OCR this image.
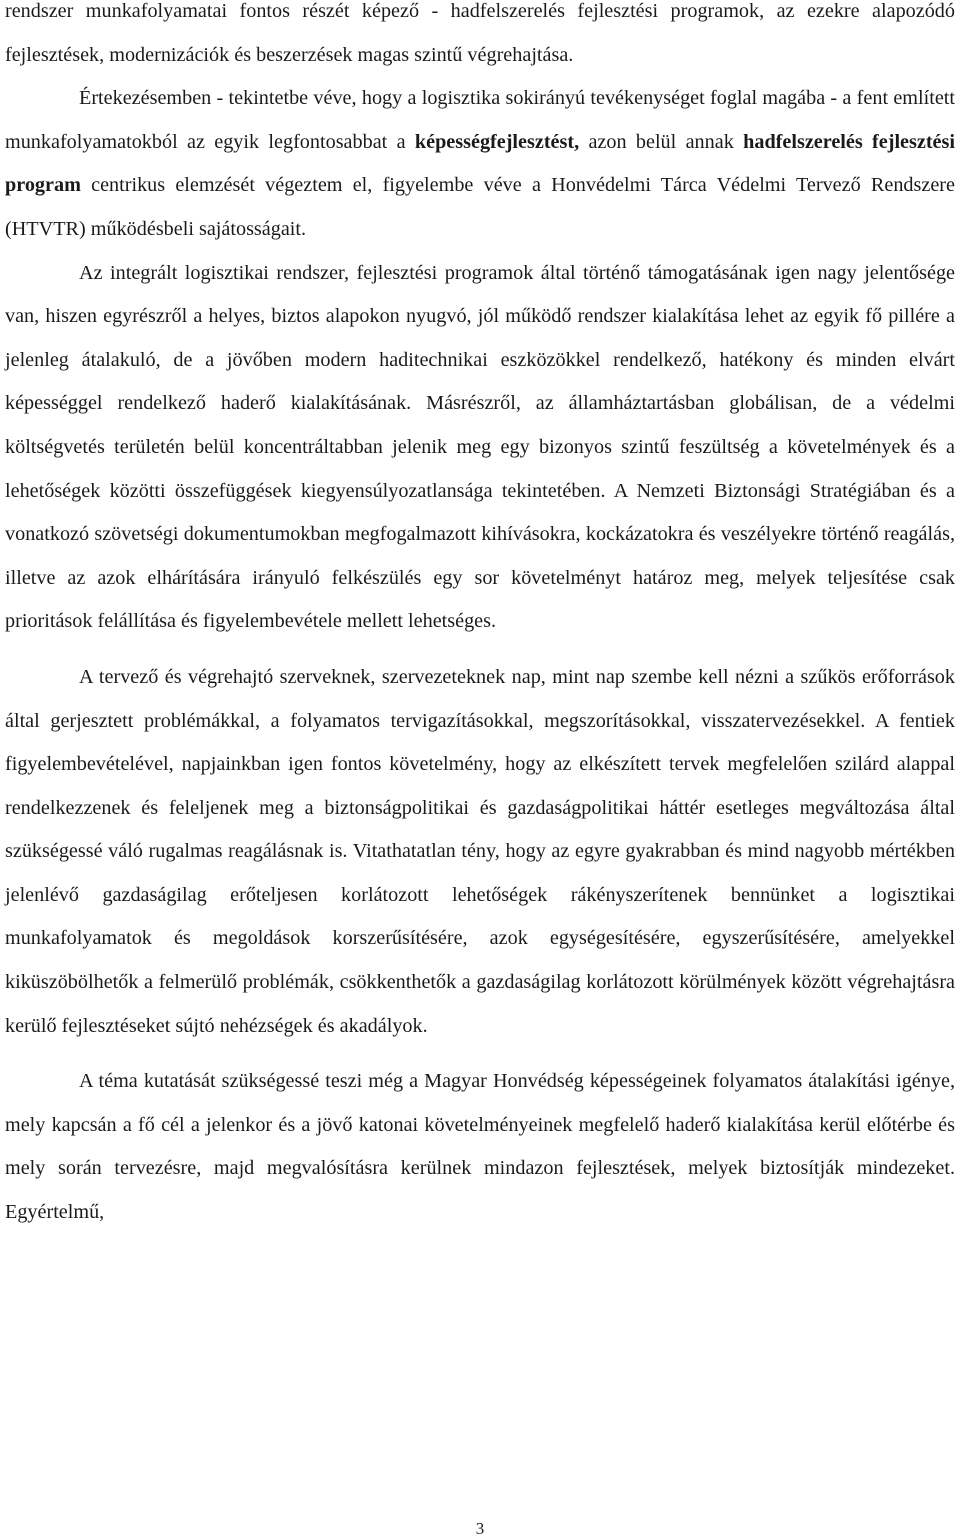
rendszer munkafolyamatai fontos részét képező - hadfelszerelés fejlesztési programok, az ezekre alapozódó fejlesztések, modernizációk és beszerzések magas szintű végrehajtása.

Értekezésemben - tekintetbe véve, hogy a logisztika sokirányú tevékenységet foglal magába - a fent említett munkafolyamatokból az egyik legfontosabbat a képességfejlesztést, azon belül annak hadfelszerelés fejlesztési program centrikus elemzését végeztem el, figyelembe véve a Honvédelmi Tárca Védelmi Tervező Rendszere (HTVTR) működésbeli sajátosságait.

Az integrált logisztikai rendszer, fejlesztési programok által történő támogatásának igen nagy jelentősége van, hiszen egyrészről a helyes, biztos alapokon nyugvó, jól működő rendszer kialakítása lehet az egyik fő pillére a jelenleg átalakuló, de a jövőben modern haditechnikai eszközökkel rendelkező, hatékony és minden elvárt képességgel rendelkező haderő kialakításának. Másrészről, az államháztartásban globálisan, de a védelmi költségvetés területén belül koncentráltabban jelenik meg egy bizonyos szintű feszültség a követelmények és a lehetőségek közötti összefüggések kiegyensúlyozatlansága tekintetében. A Nemzeti Biztonsági Stratégiában és a vonatkozó szövetségi dokumentumokban megfogalmazott kihívásokra, kockázatokra és veszélyekre történő reagálás, illetve az azok elhárítására irányuló felkészülés egy sor követelményt határoz meg, melyek teljesítése csak prioritások felállítása és figyelembevétele mellett lehetséges.

A tervező és végrehajtó szerveknek, szervezeteknek nap, mint nap szembe kell nézni a szűkös erőforrások által gerjesztett problémákkal, a folyamatos tervigazításokkal, megszorításokkal, visszatervezésekkel. A fentiek figyelembevételével, napjainkban igen fontos követelmény, hogy az elkészített tervek megfelelően szilárd alappal rendelkezzenek és feleljenek meg a biztonságpolitikai és gazdaságpolitikai háttér esetleges megváltozása által szükségessé váló rugalmas reagálásnak is. Vitathatatlan tény, hogy az egyre gyakrabban és mind nagyobb mértékben jelenlévő gazdaságilag erőteljesen korlátozott lehetőségek rákényszerítenek bennünket a logisztikai munkafolyamatok és megoldások korszerűsítésére, azok egységesítésére, egyszerűsítésére, amelyekkel kiküszöbölhetők a felmerülő problémák, csökkenthetők a gazdaságilag korlátozott körülmények között végrehajtásra kerülő fejlesztéseket sújtó nehézségek és akadályok.

A téma kutatását szükségessé teszi még a Magyar Honvédség képességeinek folyamatos átalakítási igénye, mely kapcsán a fő cél a jelenkor és a jövő katonai követelményeinek megfelelő haderő kialakítása kerül előtérbe és mely során tervezésre, majd megvalósításra kerülnek mindazon fejlesztések, melyek biztosítják mindezeket. Egyértelmű,

3
